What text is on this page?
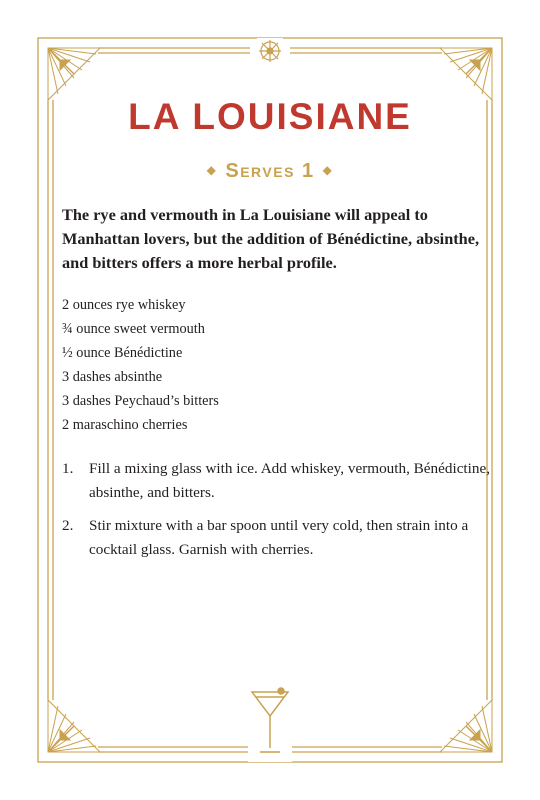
LA LOUISIANE
◆ Serves 1 ◆
The rye and vermouth in La Louisiane will appeal to Manhattan lovers, but the addition of Bénédictine, absinthe, and bitters offers a more herbal profile.
2 ounces rye whiskey
¾ ounce sweet vermouth
½ ounce Bénédictine
3 dashes absinthe
3 dashes Peychaud’s bitters
2 maraschino cherries
1.	Fill a mixing glass with ice. Add whiskey, vermouth, Bénédictine, absinthe, and bitters.
2.	Stir mixture with a bar spoon until very cold, then strain into a cocktail glass. Garnish with cherries.
